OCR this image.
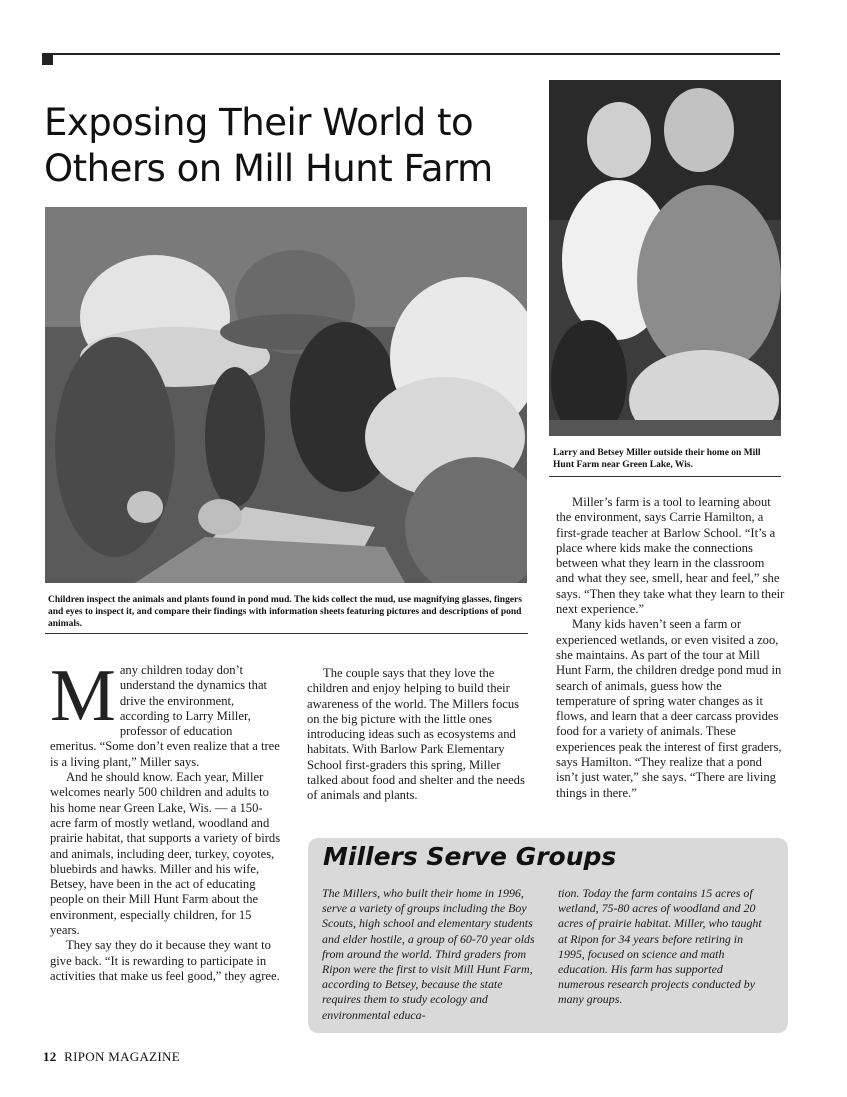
Exposing Their World to
Others on Mill Hunt Farm

Children inspect the animals and plants found in pond mud. The kids collect the mud, use magnifying glasses, fingers and eyes to inspect it, and compare their findings with information sheets featuring pictures and descriptions of pond animals.

Larry and Betsey Miller outside their home on Mill Hunt Farm near Green Lake, Wis.

M any children today don’t understand the dynamics that drive the environment, according to Larry Miller, professor of education emeritus. “Some don’t even realize that a tree is a living plant,” Miller says.

And he should know. Each year, Miller welcomes nearly 500 children and adults to his home near Green Lake, Wis. — a 150-acre farm of mostly wetland, woodland and prairie habitat, that supports a variety of birds and animals, including deer, turkey, coyotes, bluebirds and hawks. Miller and his wife, Betsey, have been in the act of educating people on their Mill Hunt Farm about the environment, especially children, for 15 years.

They say they do it because they want to give back. “It is rewarding to participate in activities that make us feel good,” they agree.

The couple says that they love the children and enjoy helping to build their awareness of the world. The Millers focus on the big picture with the little ones introducing ideas such as ecosystems and habitats. With Barlow Park Elementary School first-graders this spring, Miller talked about food and shelter and the needs of animals and plants.

Miller’s farm is a tool to learning about the environment, says Carrie Hamilton, a first-grade teacher at Barlow School. “It’s a place where kids make the connections between what they learn in the classroom and what they see, smell, hear and feel,” she says. “Then they take what they learn to their next experience.”

Many kids haven’t seen a farm or experienced wetlands, or even visited a zoo, she maintains. As part of the tour at Mill Hunt Farm, the children dredge pond mud in search of animals, guess how the temperature of spring water changes as it flows, and learn that a deer carcass provides food for a variety of animals. These experiences peak the interest of first graders, says Hamilton. “They realize that a pond isn’t just water,” she says. “There are living things in there.”

Millers Serve Groups
The Millers, who built their home in 1996, serve a variety of groups including the Boy Scouts, high school and elementary students and elder hostile, a group of 60-70 year olds from around the world. Third graders from Ripon were the first to visit Mill Hunt Farm, according to Betsey, because the state requires them to study ecology and environmental educa-
tion. Today the farm contains 15 acres of wetland, 75-80 acres of woodland and 20 acres of prairie habitat. Miller, who taught at Ripon for 34 years before retiring in 1995, focused on science and math education. His farm has supported numerous research projects conducted by many groups.
12 RIPON MAGAZINE
